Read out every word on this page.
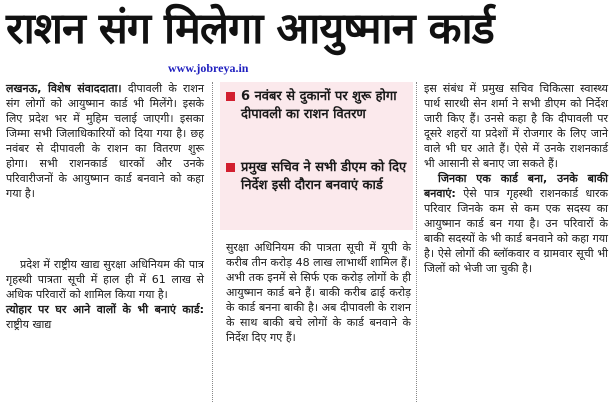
राशन संग मिलेगा आयुष्मान कार्ड
www.jobreya.in

लखनऊ, विशेष संवाददाता। दीपावली के राशन संग लोगों को आयुष्मान कार्ड भी मिलेंगे। इसके लिए प्रदेश भर में मुहिम चलाई जाएगी। इसका जिम्मा सभी जिलाधिकारियों को दिया गया है। छह नवंबर से दीपावली के राशन का वितरण शुरू होगा। सभी राशनकार्ड धारकों और उनके परिवारीजनों के आयुष्मान कार्ड बनवाने को कहा गया है।

प्रदेश में राष्ट्रीय खाद्य सुरक्षा अधिनियम की पात्र गृहस्थी पात्रता सूची में हाल ही में 61 लाख से अधिक परिवारों को शामिल किया गया है।

त्योहार पर घर आने वालों के भी बनाएं कार्ड: राष्ट्रीय खाद्य

6 नवंबर से दुकानों पर शुरू होगा दीपावली का राशन वितरण
प्रमुख सचिव ने सभी डीएम को दिए निर्देश इसी दौरान बनवाएं कार्ड

सुरक्षा अधिनियम की पात्रता सूची में यूपी के करीब तीन करोड़ 48 लाख लाभार्थी शामिल हैं। अभी तक इनमें से सिर्फ एक करोड़ लोगों के ही आयुष्मान कार्ड बने हैं। बाकी करीब ढाई करोड़ के कार्ड बनना बाकी है। अब दीपावली के राशन के साथ बाकी बचे लोगों के कार्ड बनवाने के निर्देश दिए गए हैं।

इस संबंध में प्रमुख सचिव चिकित्सा स्वास्थ्य पार्थ सारथी सेन शर्मा ने सभी डीएम को निर्देश जारी किए हैं। उनसे कहा है कि दीपावली पर दूसरे शहरों या प्रदेशों में रोजगार के लिए जाने वाले भी घर आते हैं। ऐसे में उनके राशनकार्ड भी आसानी से बनाए जा सकते हैं।

जिनका एक कार्ड बना, उनके बाकी बनवाएं: ऐसे पात्र गृहस्थी राशनकार्ड धारक परिवार जिनके कम से कम एक सदस्य का आयुष्मान कार्ड बन गया है। उन परिवारों के बाकी सदस्यों के भी कार्ड बनवाने को कहा गया है। ऐसे लोगों की ब्लॉकवार व ग्रामवार सूची भी जिलों को भेजी जा चुकी है।
